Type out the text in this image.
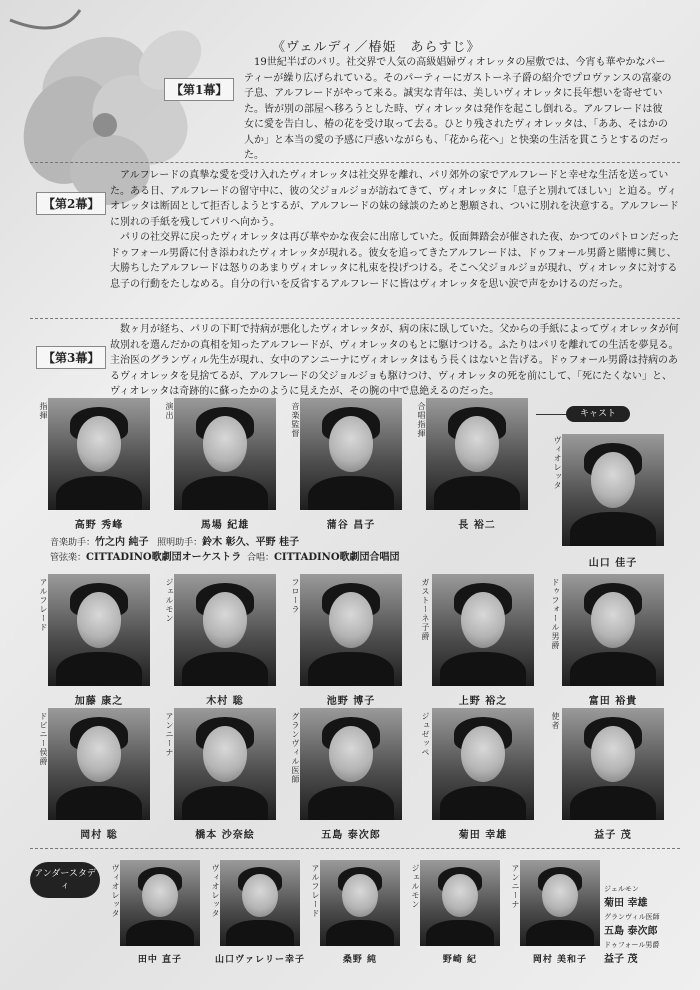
《ヴェルディ／椿姫　あらすじ》
【第1幕】

19世紀半ばのパリ。社交界で人気の高級娼婦ヴィオレッタの屋敷では、今宵も華やかなパーティーが繰り広げられている。そのパーティーにガストーネ子爵の紹介でプロヴァンスの富豪の子息、アルフレードがやって来る。誠実な青年は、美しいヴィオレッタに長年想いを寄せていた。皆が別の部屋へ移ろうとした時、ヴィオレッタは発作を起こし倒れる。アルフレードは彼女に愛を告白し、椿の花を受け取って去る。ひとり残されたヴィオレッタは、「ああ、そはかの人か」と本当の愛の予感に戸惑いながらも、「花から花へ」と快楽の生活を貫こうとするのだった。

【第2幕】

アルフレードの真摯な愛を受け入れたヴィオレッタは社交界を離れ、パリ郊外の家でアルフレードと幸せな生活を送っていた。ある日、アルフレードの留守中に、彼の父ジョルジョが訪ねてきて、ヴィオレッタに「息子と別れてほしい」と迫る。ヴィオレッタは断固として拒否しようとするが、アルフレードの妹の縁談のためと懇願され、ついに別れを決意する。アルフレードに別れの手紙を残してパリへ向かう。

パリの社交界に戻ったヴィオレッタは再び華やかな夜会に出席していた。仮面舞踏会が催された夜、かつてのパトロンだったドゥフォール男爵に付き添われたヴィオレッタが現れる。彼女を追ってきたアルフレードは、ドゥフォール男爵と賭博に興じ、大勝ちしたアルフレードは怒りのあまりヴィオレッタに札束を投げつける。そこへ父ジョルジョが現れ、ヴィオレッタに対する息子の行動をたしなめる。自分の行いを反省するアルフレードに皆はヴィオレッタを思い涙で声をかけるのだった。

【第3幕】

数ヶ月が経ち、パリの下町で持病が悪化したヴィオレッタが、病の床に臥していた。父からの手紙によってヴィオレッタが何故別れを選んだかの真相を知ったアルフレードが、ヴィオレッタのもとに駆けつける。ふたりはパリを離れての生活を夢見る。主治医のグランヴィル先生が現れ、女中のアンニーナにヴィオレッタはもう長くはないと告げる。ドゥフォール男爵は持病のあるヴィオレッタを見捨てるが、アルフレードの父ジョルジョも駆けつけ、ヴィオレッタの死を前にして、「死にたくない」と、ヴィオレッタは奇跡的に蘇ったかのように見えたが、その腕の中で息絶えるのだった。

指揮
高野 秀峰
演出
馬場 紀雄
音楽監督
蒲谷 昌子
合唱指揮
長 裕二
音楽助手：竹之内 純子 照明助手：鈴木 彰久、平野 桂子
管弦楽：CITTADINO歌劇団オーケストラ 合唱：CITTADINO歌劇団合唱団
キャスト
ヴィオレッタ
山口 佳子
アルフレード
加藤 康之
ジェルモン
木村 聡
フローラ
池野 博子
ガストーネ子爵
上野 裕之
ドゥフォール男爵
富田 裕貴
ドビニー侯爵
岡村 聡
アンニーナ
橋本 沙奈絵
グランヴィル医師
五島 泰次郎
ジュゼッペ
菊田 幸雄
使者
益子 茂
アンダースタディ	ヴィオレッタ
田中 直子
ヴィオレッタ
山口ヴァレリー幸子
アルフレード
桑野 純
ジェルモン
野崎 紀
アンニーナ
岡村 美和子
ジェルモン
菊田 幸雄
グランヴィル医師
五島 泰次郎
ドゥフォール男爵
益子 茂
